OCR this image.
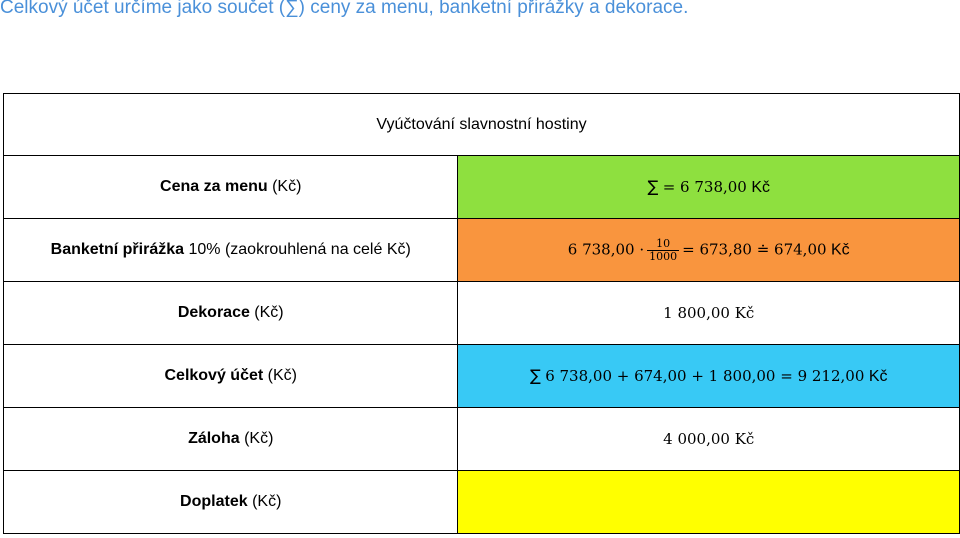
Celkový účet určíme jako součet (∑) ceny za menu, banketní přirážky a dekorace.
Vyúčtování slavnostní hostiny	
Cena za menu (Kč)	∑ = 6 738,00 Kč
Banketní přirážka 10% (zaokrouhlená na celé Kč)	6 $738,00 \cdot \frac{10}{1000} = 673,80$ ≐ 674,00 Kč
Dekorace (Kč)	1 800,00 Kč
Celkový účet (Kč)	∑ 6 738,00 + 674,00 + 1 800,00 = 9 212,00 Kč
Záloha (Kč)	4 000,00 Kč
Doplatek (Kč)	
